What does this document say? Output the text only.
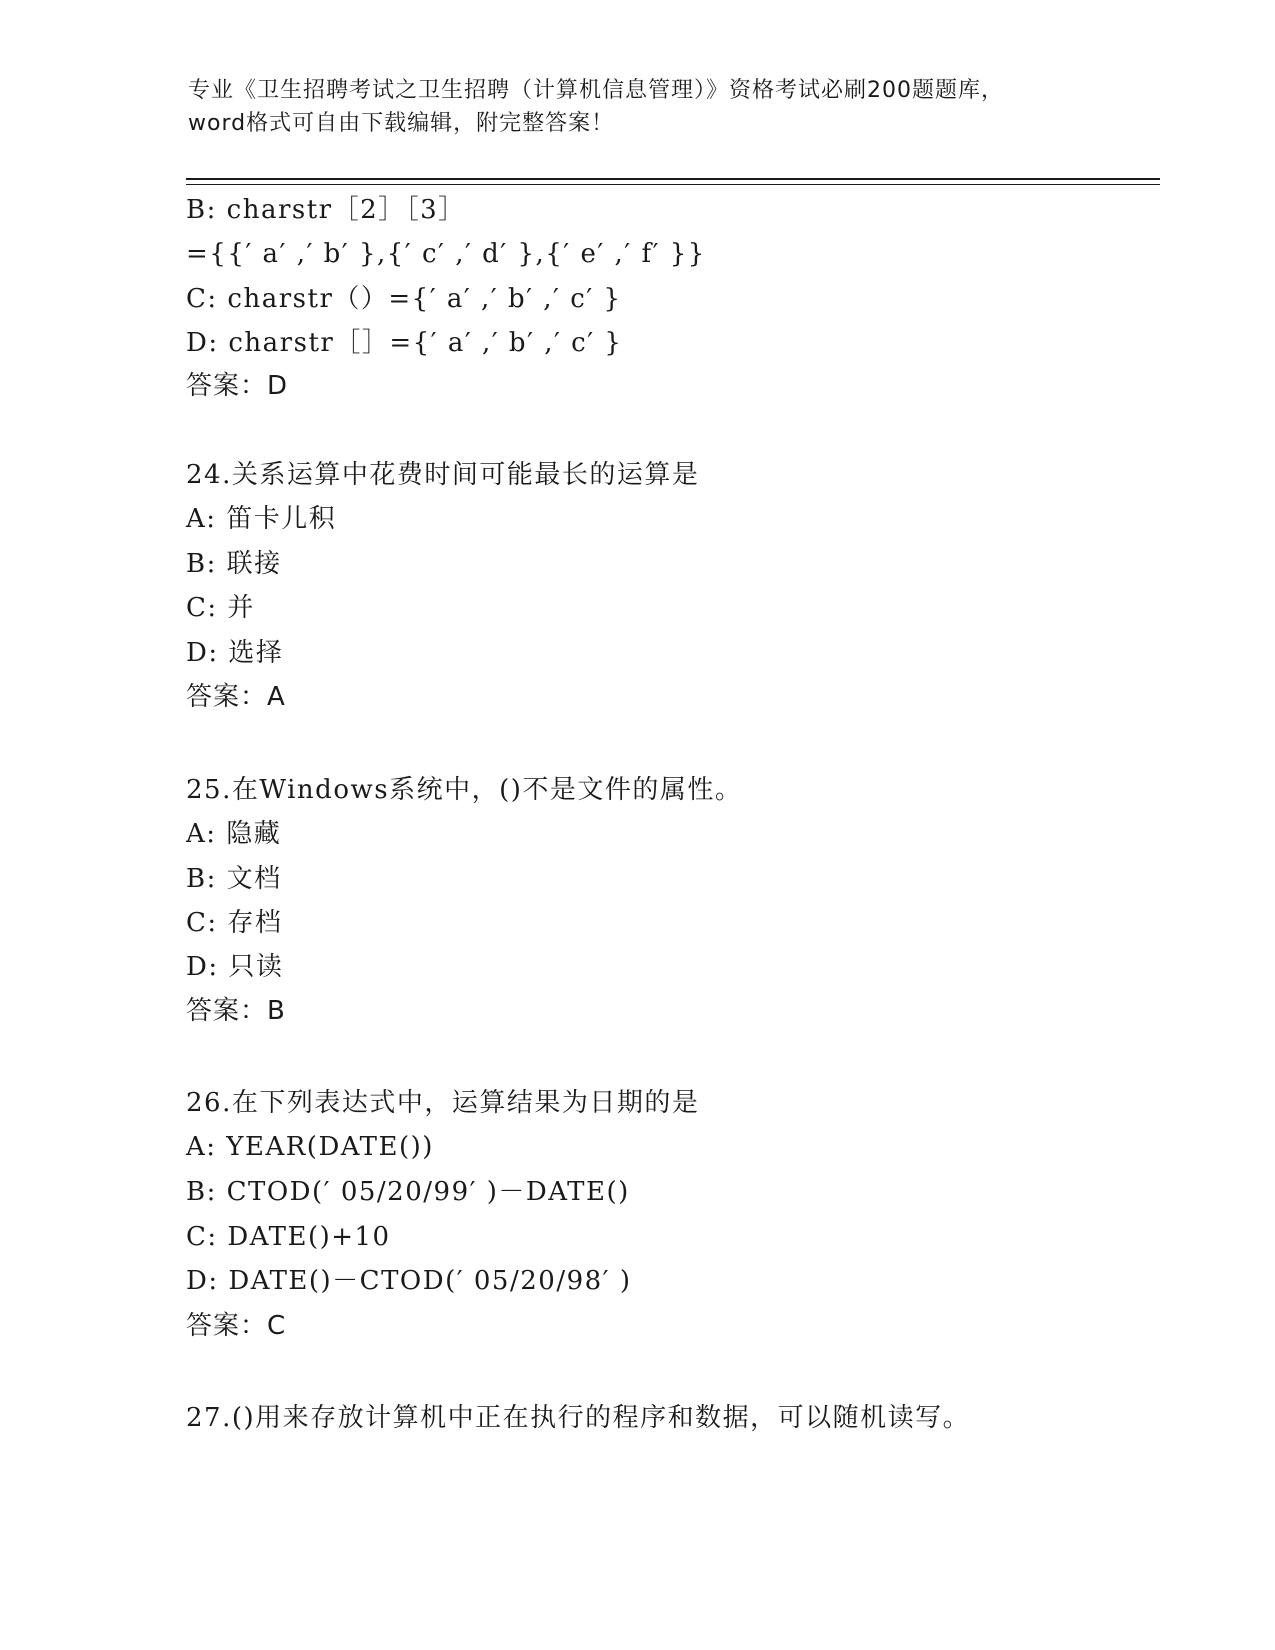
专业《卫生招聘考试之卫生招聘（计算机信息管理）》资格考试必刷200题题库，
word格式可自由下载编辑，附完整答案！
B: charstr［2］［3］
={{′ a′ ,′ b′ },{′ c′ ,′ d′ },{′ e′ ,′ f′ }}
C: charstr（）={′ a′ ,′ b′ ,′ c′ }
D: charstr［］={′ a′ ,′ b′ ,′ c′ }
答案：D
24.关系运算中花费时间可能最长的运算是
A: 笛卡儿积
B: 联接
C: 并
D: 选择
答案：A
25.在Windows系统中，()不是文件的属性。
A: 隐藏
B: 文档
C: 存档
D: 只读
答案：B
26.在下列表达式中，运算结果为日期的是
A: YEAR(DATE())
B: CTOD(′ 05/20/99′ )－DATE()
C: DATE()+10
D: DATE()－CTOD(′ 05/20/98′ )
答案：C
27.()用来存放计算机中正在执行的程序和数据，可以随机读写。
